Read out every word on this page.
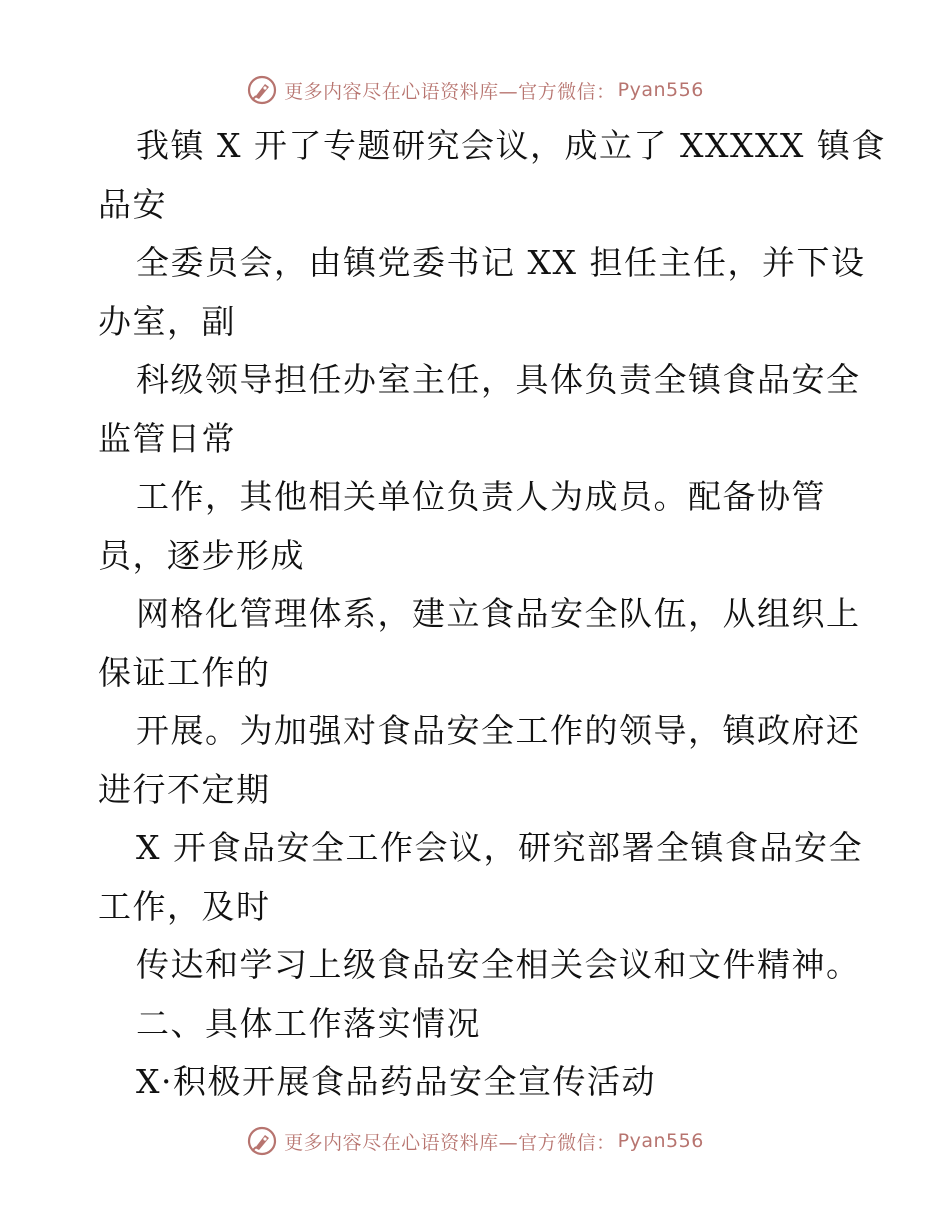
更多内容尽在心语资料库—官方微信： Pyan556
我镇 X 开了专题研究会议，成立了 XXXXX 镇食
品安
全委员会，由镇党委书记 XX 担任主任，并下设
办室，副
科级领导担任办室主任，具体负责全镇食品安全
监管日常
工作，其他相关单位负责人为成员。配备协管
员，逐步形成
网格化管理体系，建立食品安全队伍，从组织上
保证工作的
开展。为加强对食品安全工作的领导，镇政府还
进行不定期
X 开食品安全工作会议，研究部署全镇食品安全
工作，及时
传达和学习上级食品安全相关会议和文件精神。
二、具体工作落实情况
X·积极开展食品药品安全宣传活动
更多内容尽在心语资料库—官方微信： Pyan556
